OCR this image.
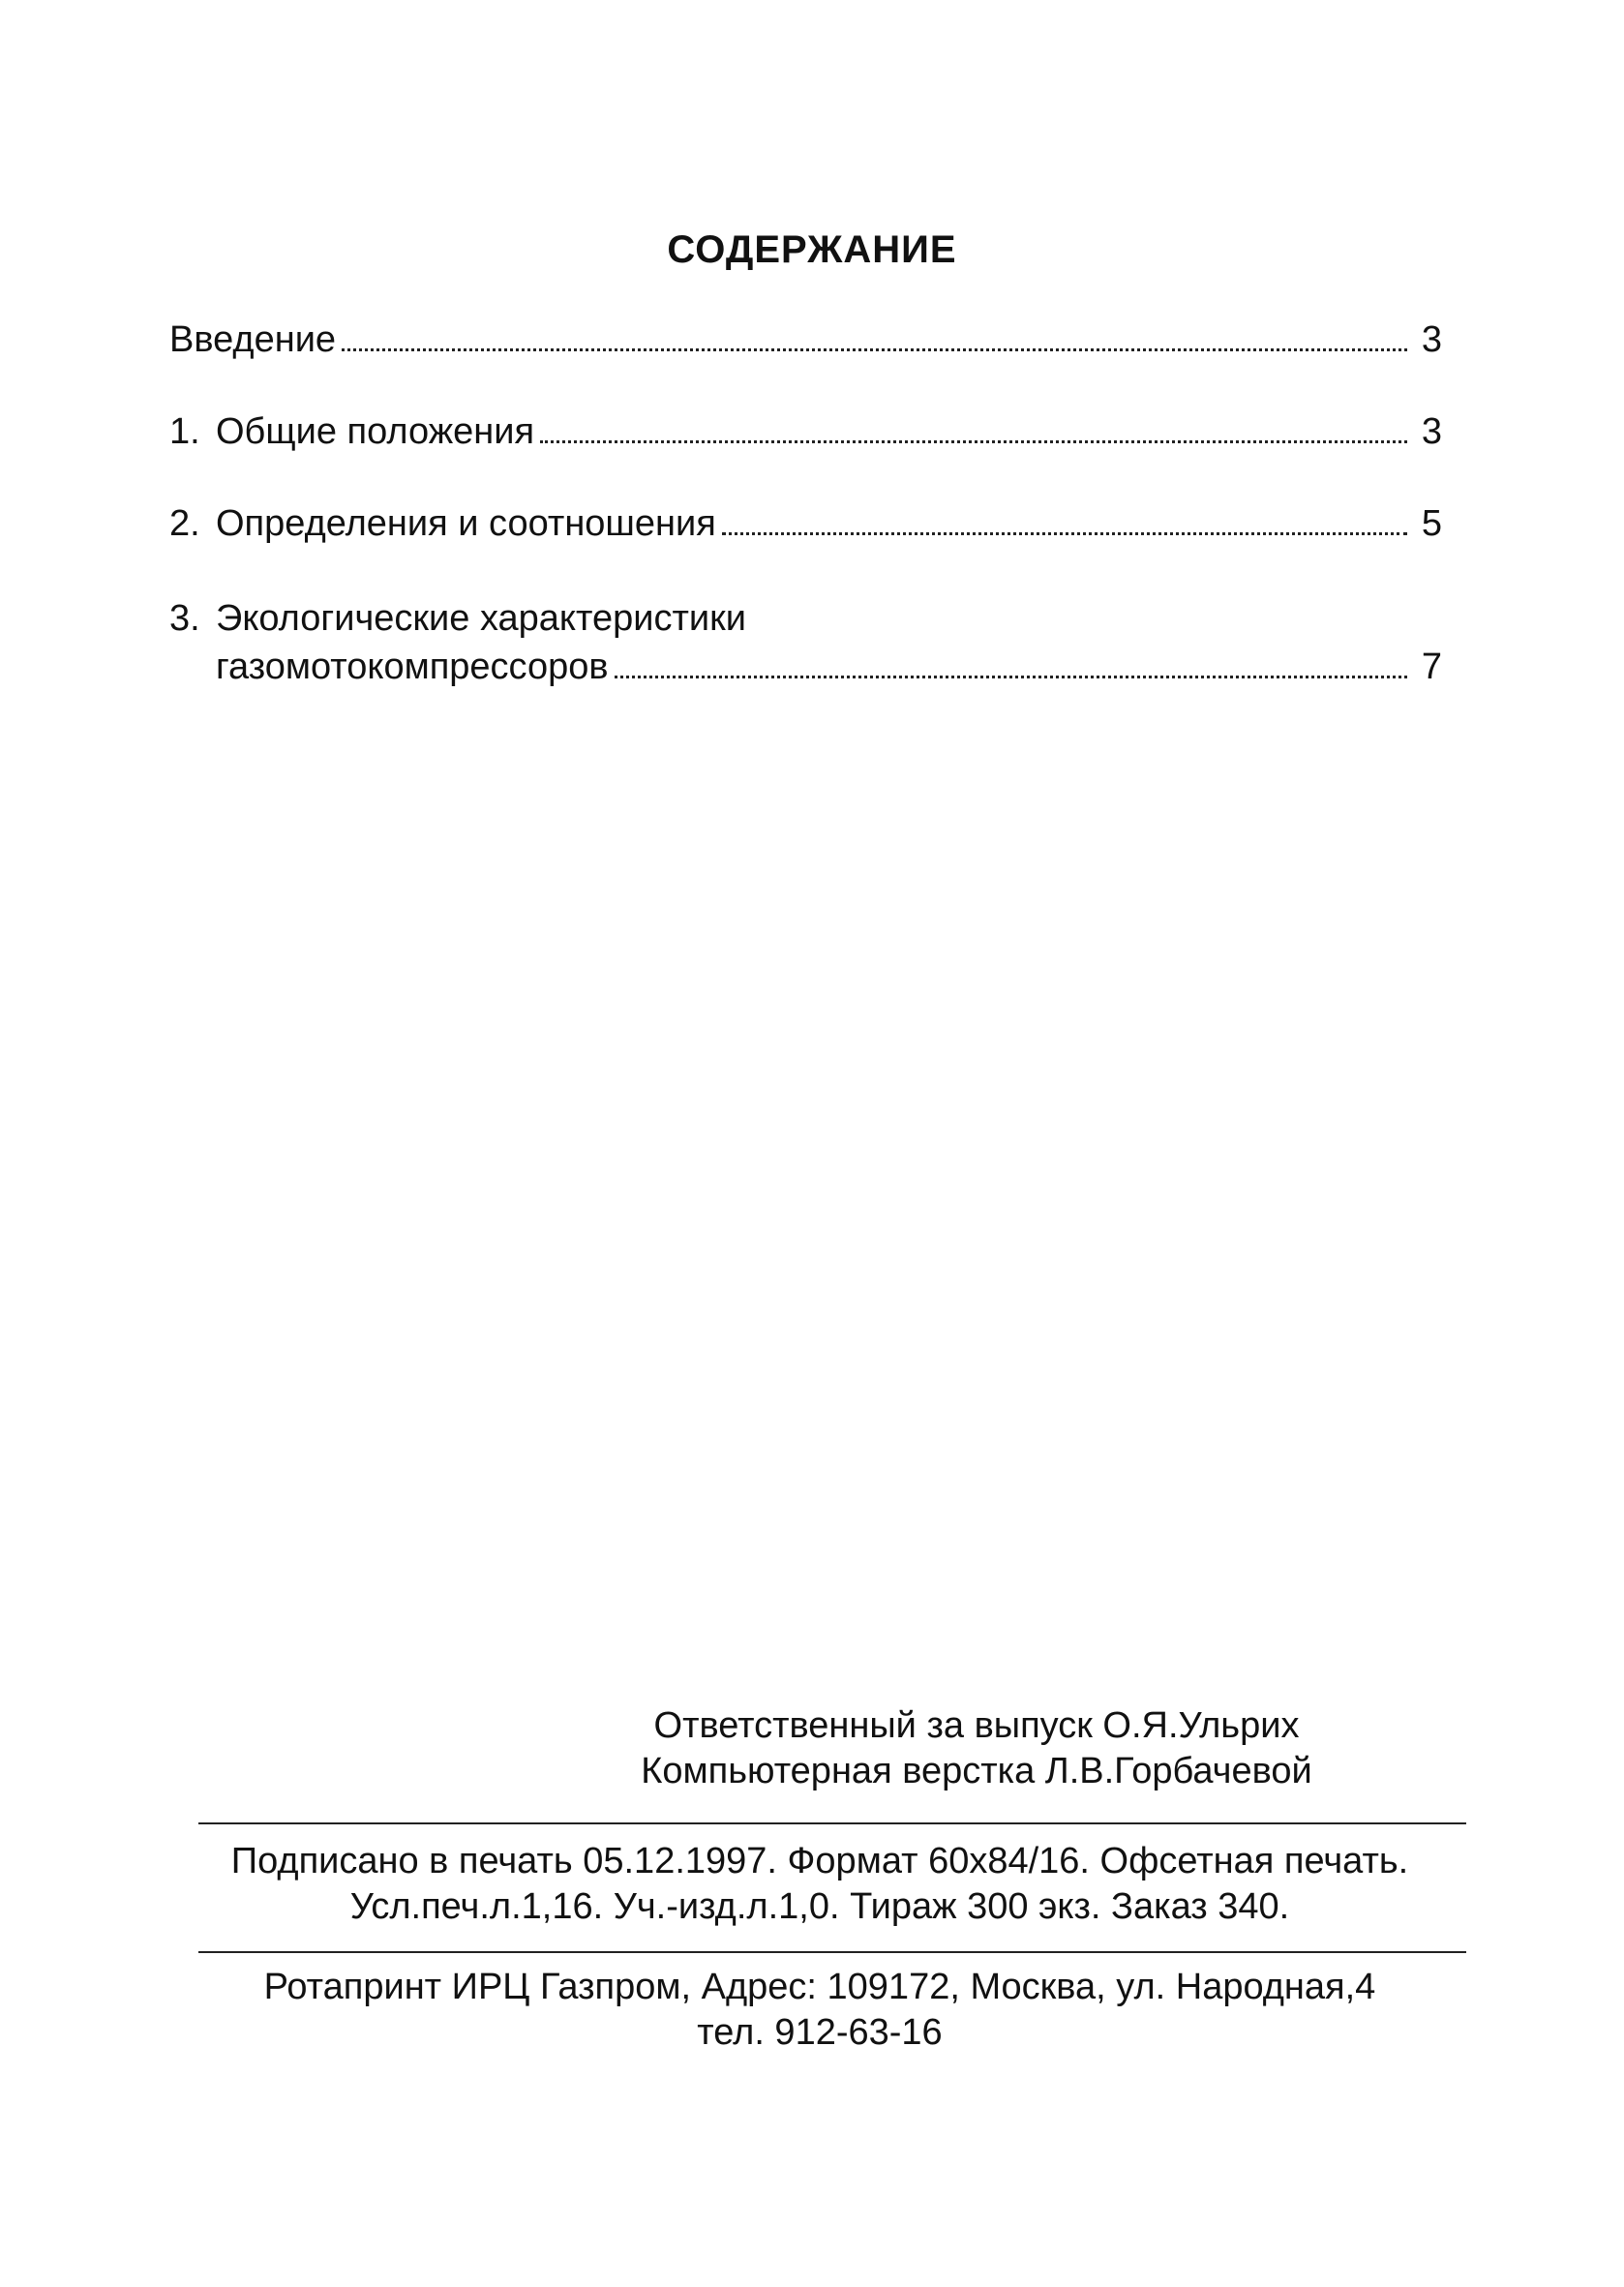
СОДЕРЖАНИЕ
Введение	3
1. Общие положения	3
2. Определения и соотношения	5
3. Экологические характеристики
газомотокомпрессоров	7
Ответственный за выпуск О.Я.Ульрих
Компьютерная верстка Л.В.Горбачевой
Подписано в печать 05.12.1997. Формат 60х84/16. Офсетная печать.
Усл.печ.л.1,16. Уч.-изд.л.1,0. Тираж 300 экз. Заказ 340.
Ротапринт ИРЦ Газпром, Адрес: 109172, Москва, ул. Народная,4
тел. 912-63-16
